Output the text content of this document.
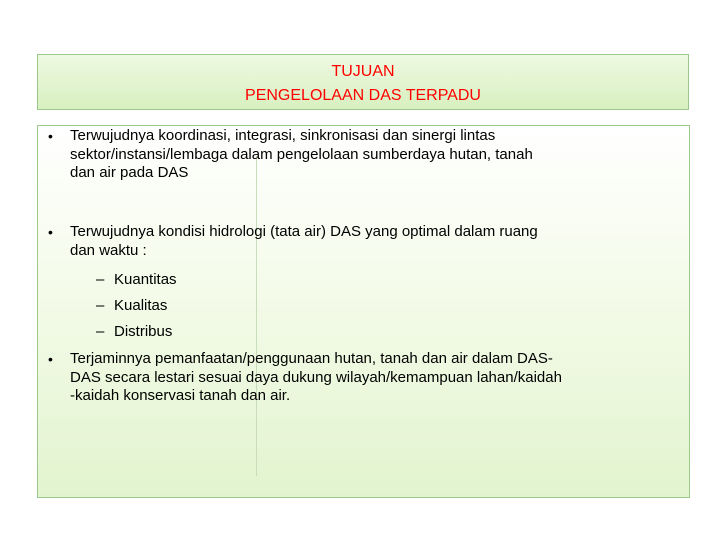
TUJUAN
PENGELOLAAN DAS TERPADU
• Terwujudnya koordinasi, integrasi, sinkronisasi dan sinergi lintas
sektor/instansi/lembaga dalam pengelolaan sumberdaya hutan, tanah
dan air pada DAS
• Terwujudnya kondisi hidrologi (tata air) DAS yang optimal dalam ruang
dan waktu :
– Kuantitas
– Kualitas
– Distribus
• Terjaminnya pemanfaatan/penggunaan hutan, tanah dan air dalam DAS-
DAS secara lestari sesuai daya dukung wilayah/kemampuan lahan/kaidah
-kaidah konservasi tanah dan air.
